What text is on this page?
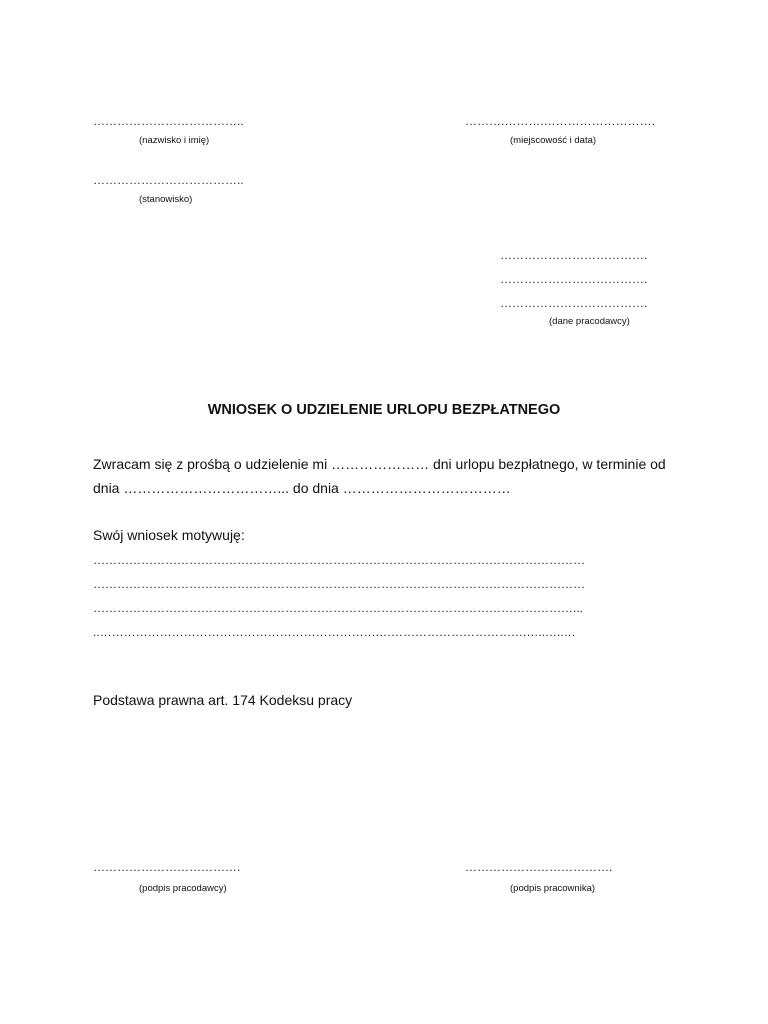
………………………………..
(nazwisko i imię)
……….……….……………………….
(miejscowość i data)
………………………………..
(stanowisko)
……………………………….
……………………………….
……………………………….
(dane pracodawcy)
WNIOSEK O UDZIELENIE URLOPU BEZPŁATNEGO
Zwracam się z prośbą o udzielenie mi ………………… dni urlopu bezpłatnego, w terminie od
dnia ……………………………... do dnia ………………………………
Swój wniosek motywuję:
……………………………………………………………………………………………………………
……………………………………………………………………………………………………………
…………………………………………………………………………………………………………...
..…………………………………………………………….……………………………….…..…..…
Podstawa prawna art. 174 Kodeksu pracy
……………………………….
(podpis pracodawcy)
……………………………….
(podpis pracownika)
